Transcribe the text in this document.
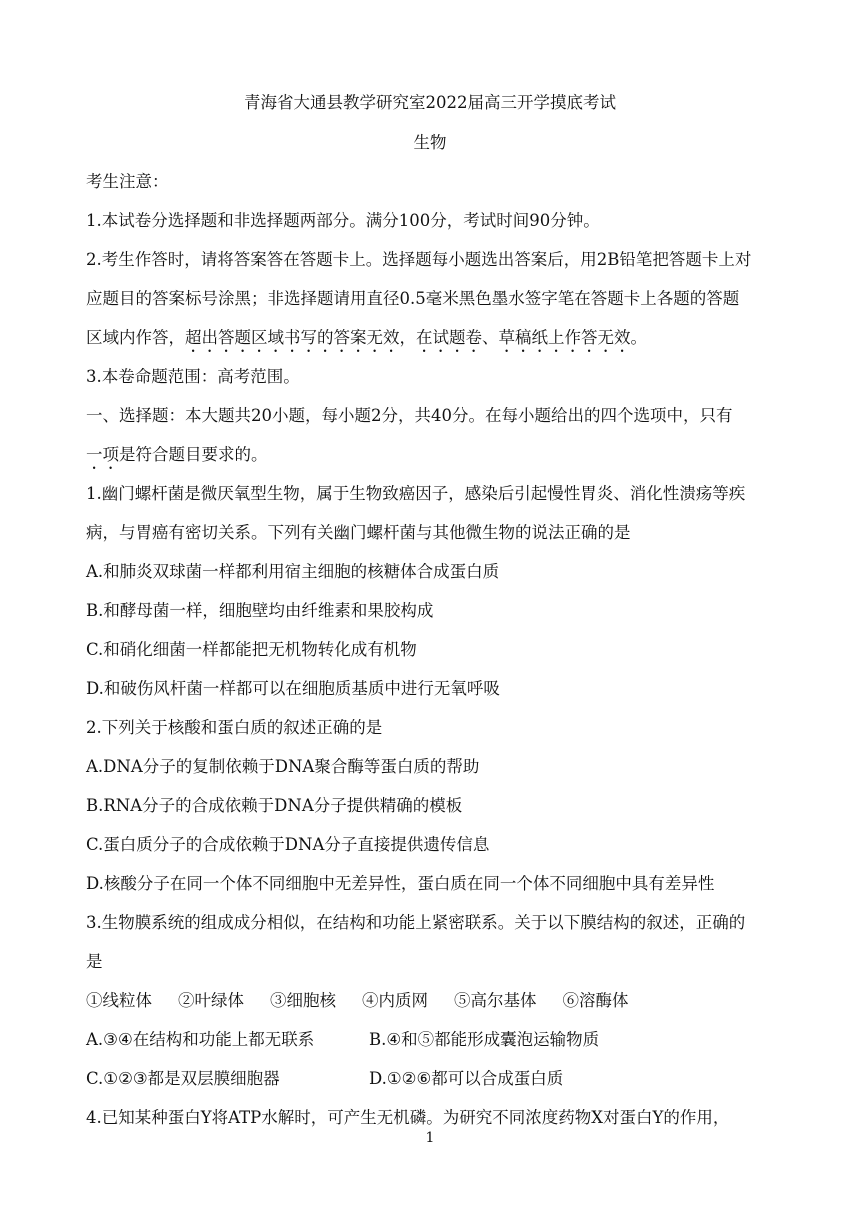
青海省大通县教学研究室2022届高三开学摸底考试
生物
考生注意：
1.本试卷分选择题和非选择题两部分。满分100分，考试时间90分钟。
2.考生作答时，请将答案答在答题卡上。选择题每小题选出答案后，用2B铅笔把答题卡上对
应题目的答案标号涂黑；非选择题请用直径0.5毫米黑色墨水签字笔在答题卡上各题的答题
区域内作答，超出答题区域书写的答案无效，在试题卷、草稿纸上作答无效。
3.本卷命题范围：高考范围。
一、选择题：本大题共20小题，每小题2分，共40分。在每小题给出的四个选项中，只有
一项是符合题目要求的。
1.幽门螺杆菌是微厌氧型生物，属于生物致癌因子，感染后引起慢性胃炎、消化性溃疡等疾
病，与胃癌有密切关系。下列有关幽门螺杆菌与其他微生物的说法正确的是
A.和肺炎双球菌一样都利用宿主细胞的核糖体合成蛋白质
B.和酵母菌一样，细胞壁均由纤维素和果胶构成
C.和硝化细菌一样都能把无机物转化成有机物
D.和破伤风杆菌一样都可以在细胞质基质中进行无氧呼吸
2.下列关于核酸和蛋白质的叙述正确的是
A.DNA分子的复制依赖于DNA聚合酶等蛋白质的帮助
B.RNA分子的合成依赖于DNA分子提供精确的模板
C.蛋白质分子的合成依赖于DNA分子直接提供遗传信息
D.核酸分子在同一个体不同细胞中无差异性，蛋白质在同一个体不同细胞中具有差异性
3.生物膜系统的组成成分相似，在结构和功能上紧密联系。关于以下膜结构的叙述，正确的
是
①线粒体 ②叶绿体 ③细胞核 ④内质网 ⑤高尔基体 ⑥溶酶体
A.③④在结构和功能上都无联系	B.④和⑤都能形成囊泡运输物质
C.①②③都是双层膜细胞器	D.①②⑥都可以合成蛋白质
4.已知某种蛋白Y将ATP水解时，可产生无机磷。为研究不同浓度药物X对蛋白Y的作用，
1
